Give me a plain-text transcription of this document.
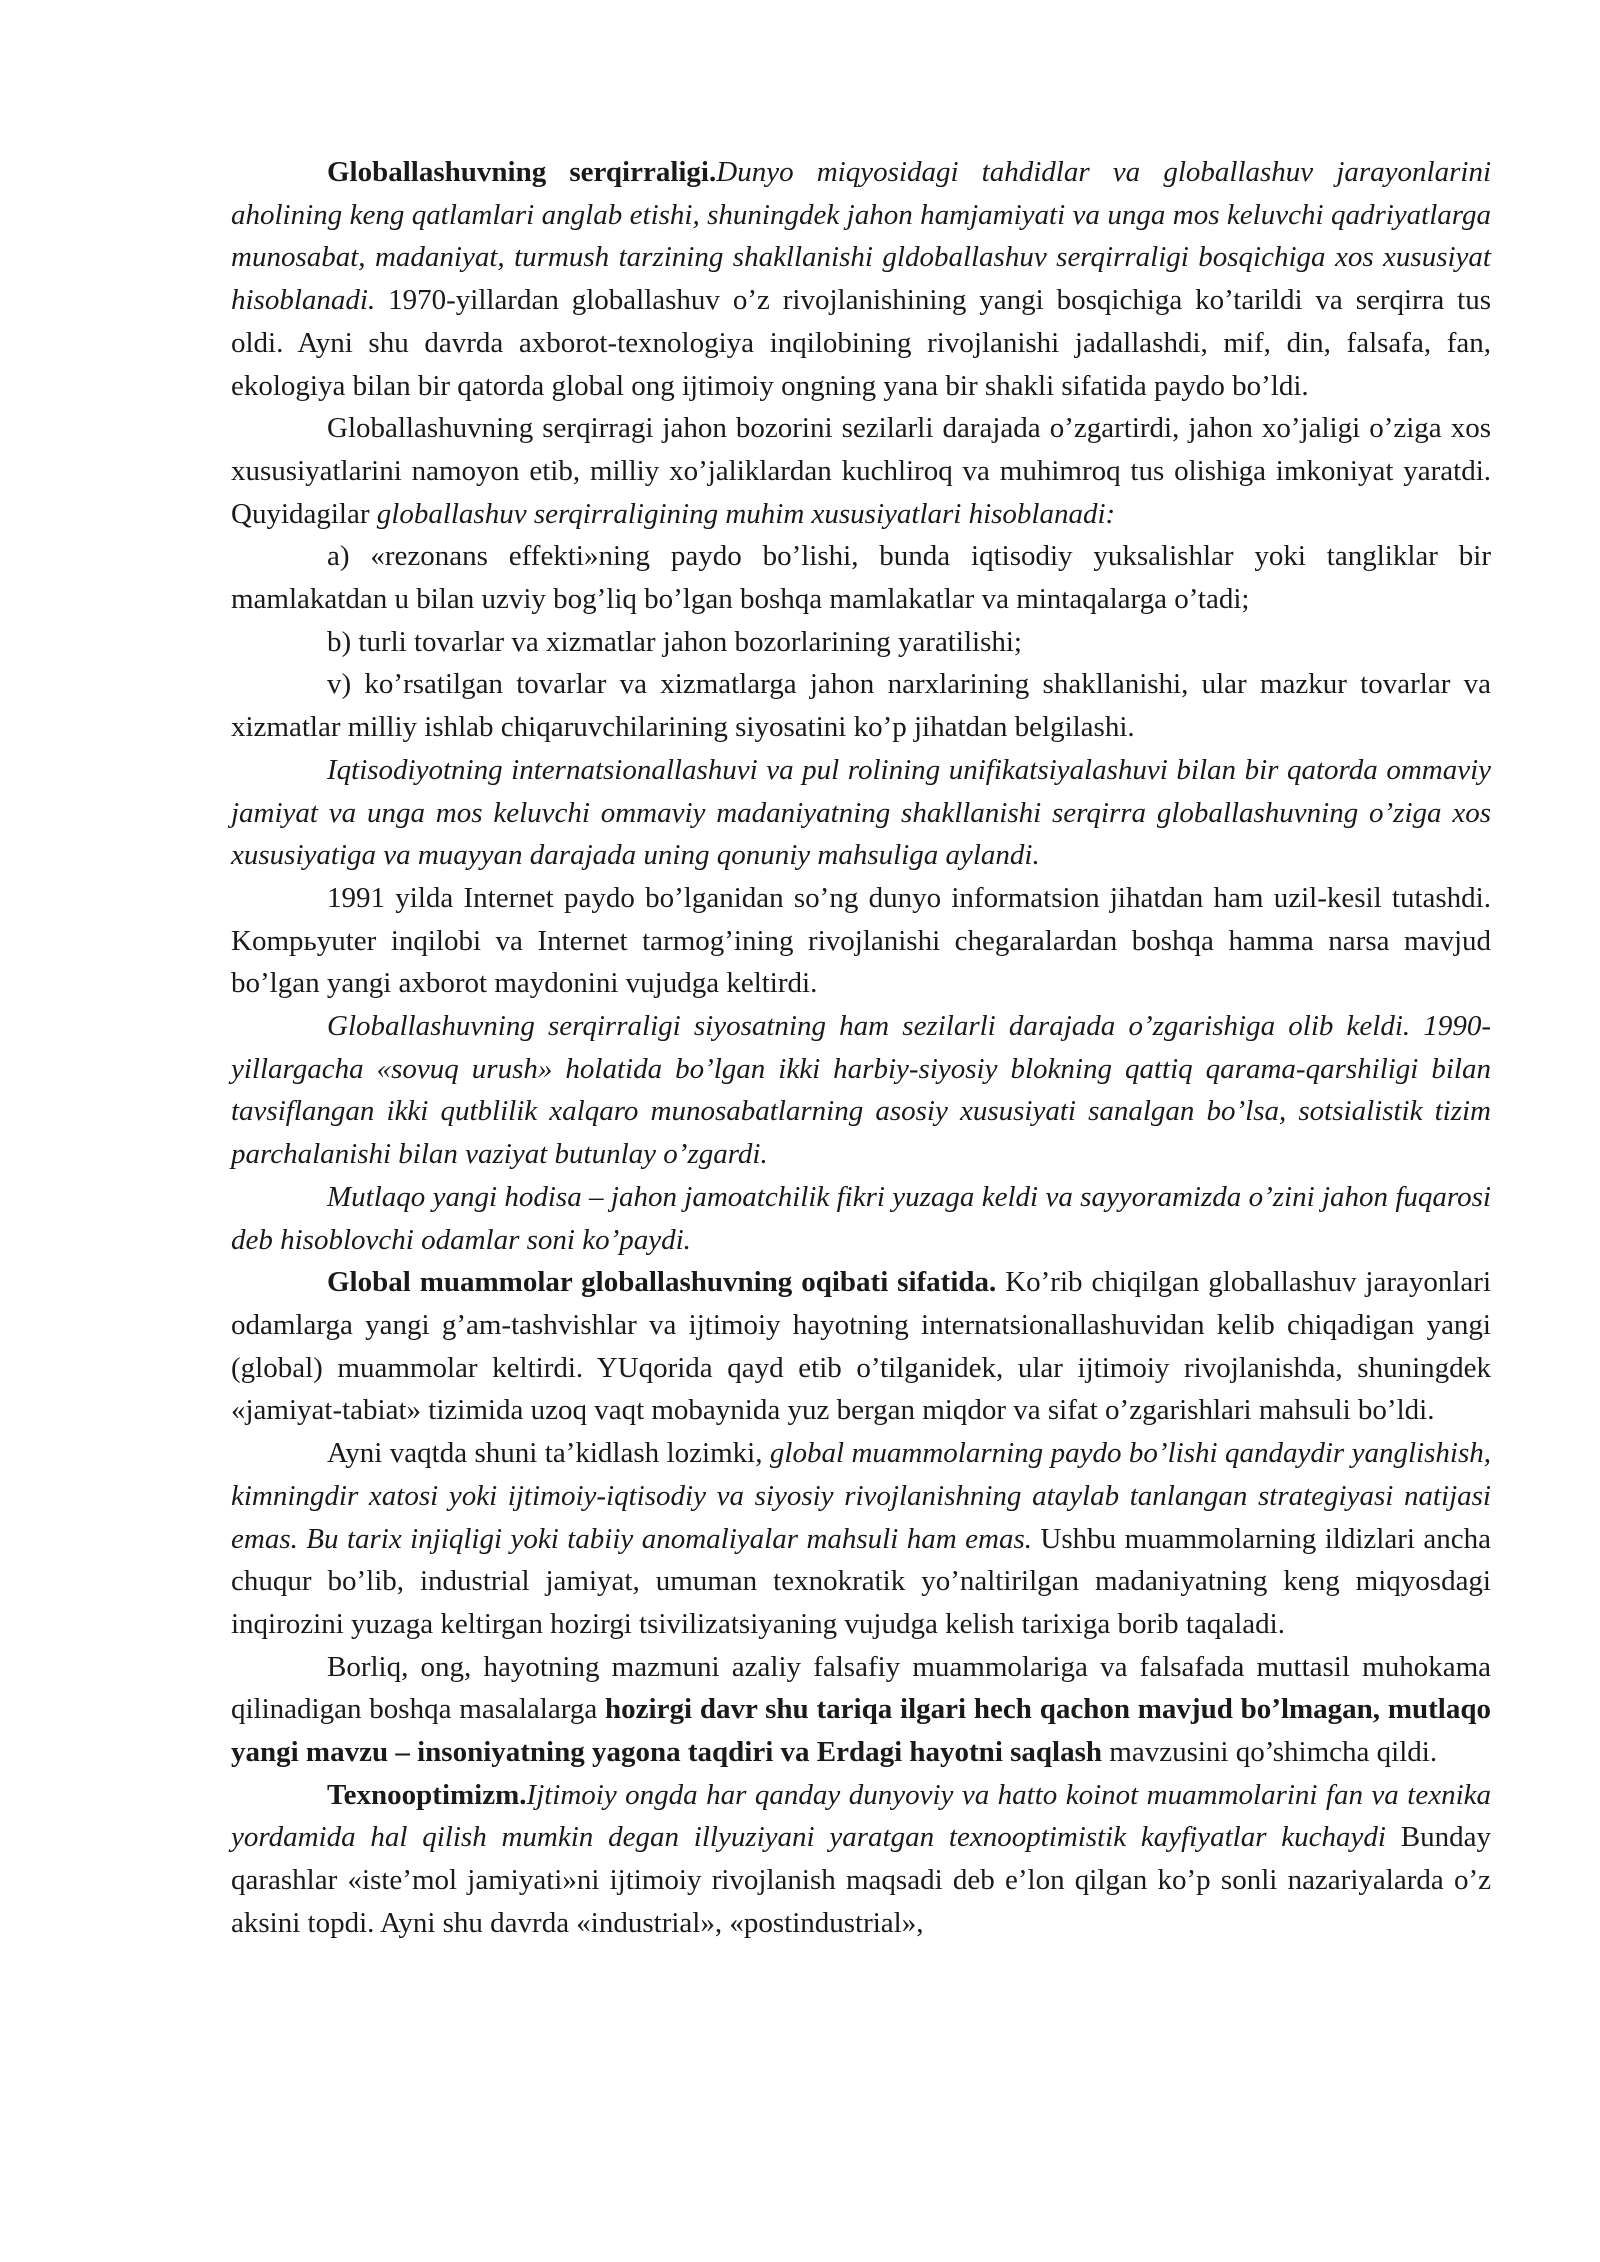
Globallashuvning serqirraligi.Dunyo miqyosidagi tahdidlar va globallashuv jarayonlarini aholining keng qatlamlari anglab etishi, shuningdek jahon hamjamiyati va unga mos keluvchi qadriyatlarga munosabat, madaniyat, turmush tarzining shakllanishi gldoballashuv serqirraligi bosqichiga xos xususiyat hisoblanadi. 1970-yillardan globallashuv o’z rivojlanishining yangi bosqichiga ko’tarildi va serqirra tus oldi. Ayni shu davrda axborot-texnologiya inqilobining rivojlanishi jadallashdi, mif, din, falsafa, fan, ekologiya bilan bir qatorda global ong ijtimoiy ongning yana bir shakli sifatida paydo bo’ldi.

Globallashuvning serqirragi jahon bozorini sezilarli darajada o’zgartirdi, jahon xo’jaligi o’ziga xos xususiyatlarini namoyon etib, milliy xo’jaliklardan kuchliroq va muhimroq tus olishiga imkoniyat yaratdi. Quyidagilar globallashuv serqirraligining muhim xususiyatlari hisoblanadi:

a) «rezonans effekti»ning paydo bo’lishi, bunda iqtisodiy yuksalishlar yoki tangliklar bir mamlakatdan u bilan uzviy bog’liq bo’lgan boshqa mamlakatlar va mintaqalarga o’tadi;

b) turli tovarlar va xizmatlar jahon bozorlarining yaratilishi;

v) ko’rsatilgan tovarlar va xizmatlarga jahon narxlarining shakllanishi, ular mazkur tovarlar va xizmatlar milliy ishlab chiqaruvchilarining siyosatini ko’p jihatdan belgilashi.

Iqtisodiyotning internatsionallashuvi va pul rolining unifikatsiyalashuvi bilan bir qatorda ommaviy jamiyat va unga mos keluvchi ommaviy madaniyatning shakllanishi serqirra globallashuvning o’ziga xos xususiyatiga va muayyan darajada uning qonuniy mahsuliga aylandi.

1991 yilda Internet paydo bo’lganidan so’ng dunyo informatsion jihatdan ham uzil-kesil tutashdi. Kompьyuter inqilobi va Internet tarmog’ining rivojlanishi chegaralardan boshqa hamma narsa mavjud bo’lgan yangi axborot maydonini vujudga keltirdi.

Globallashuvning serqirraligi siyosatning ham sezilarli darajada o’zgarishiga olib keldi. 1990-yillargacha «sovuq urush» holatida bo’lgan ikki harbiy-siyosiy blokning qattiq qarama-qarshiligi bilan tavsiflangan ikki qutblilik xalqaro munosabatlarning asosiy xususiyati sanalgan bo’lsa, sotsialistik tizim parchalanishi bilan vaziyat butunlay o’zgardi.

Mutlaqo yangi hodisa – jahon jamoatchilik fikri yuzaga keldi va sayyoramizda o’zini jahon fuqarosi deb hisoblovchi odamlar soni ko’paydi.

Global muammolar globallashuvning oqibati sifatida. Ko’rib chiqilgan globallashuv jarayonlari odamlarga yangi g’am-tashvishlar va ijtimoiy hayotning internatsionallashuvidan kelib chiqadigan yangi (global) muammolar keltirdi. YUqorida qayd etib o’tilganidek, ular ijtimoiy rivojlanishda, shuningdek «jamiyat-tabiat» tizimida uzoq vaqt mobaynida yuz bergan miqdor va sifat o’zgarishlari mahsuli bo’ldi.

Ayni vaqtda shuni ta’kidlash lozimki, global muammolarning paydo bo’lishi qandaydir yanglishish, kimningdir xatosi yoki ijtimoiy-iqtisodiy va siyosiy rivojlanishning ataylab tanlangan strategiyasi natijasi emas. Bu tarix injiqligi yoki tabiiy anomaliyalar mahsuli ham emas. Ushbu muammolarning ildizlari ancha chuqur bo’lib, industrial jamiyat, umuman texnokratik yo’naltirilgan madaniyatning keng miqyosdagi inqirozini yuzaga keltirgan hozirgi tsivilizatsiyaning vujudga kelish tarixiga borib taqaladi.

Borliq, ong, hayotning mazmuni azaliy falsafiy muammolariga va falsafada muttasil muhokama qilinadigan boshqa masalalarga hozirgi davr shu tariqa ilgari hech qachon mavjud bo’lmagan, mutlaqo yangi mavzu – insoniyatning yagona taqdiri va Erdagi hayotni saqlash mavzusini qo’shimcha qildi.

Texnooptimizm.Ijtimoiy ongda har qanday dunyoviy va hatto koinot muammolarini fan va texnika yordamida hal qilish mumkin degan illyuziyani yaratgan texnooptimistik kayfiyatlar kuchaydi Bunday qarashlar «iste’mol jamiyati»ni ijtimoiy rivojlanish maqsadi deb e’lon qilgan ko’p sonli nazariyalarda o’z aksini topdi. Ayni shu davrda «industrial», «postindustrial»,
